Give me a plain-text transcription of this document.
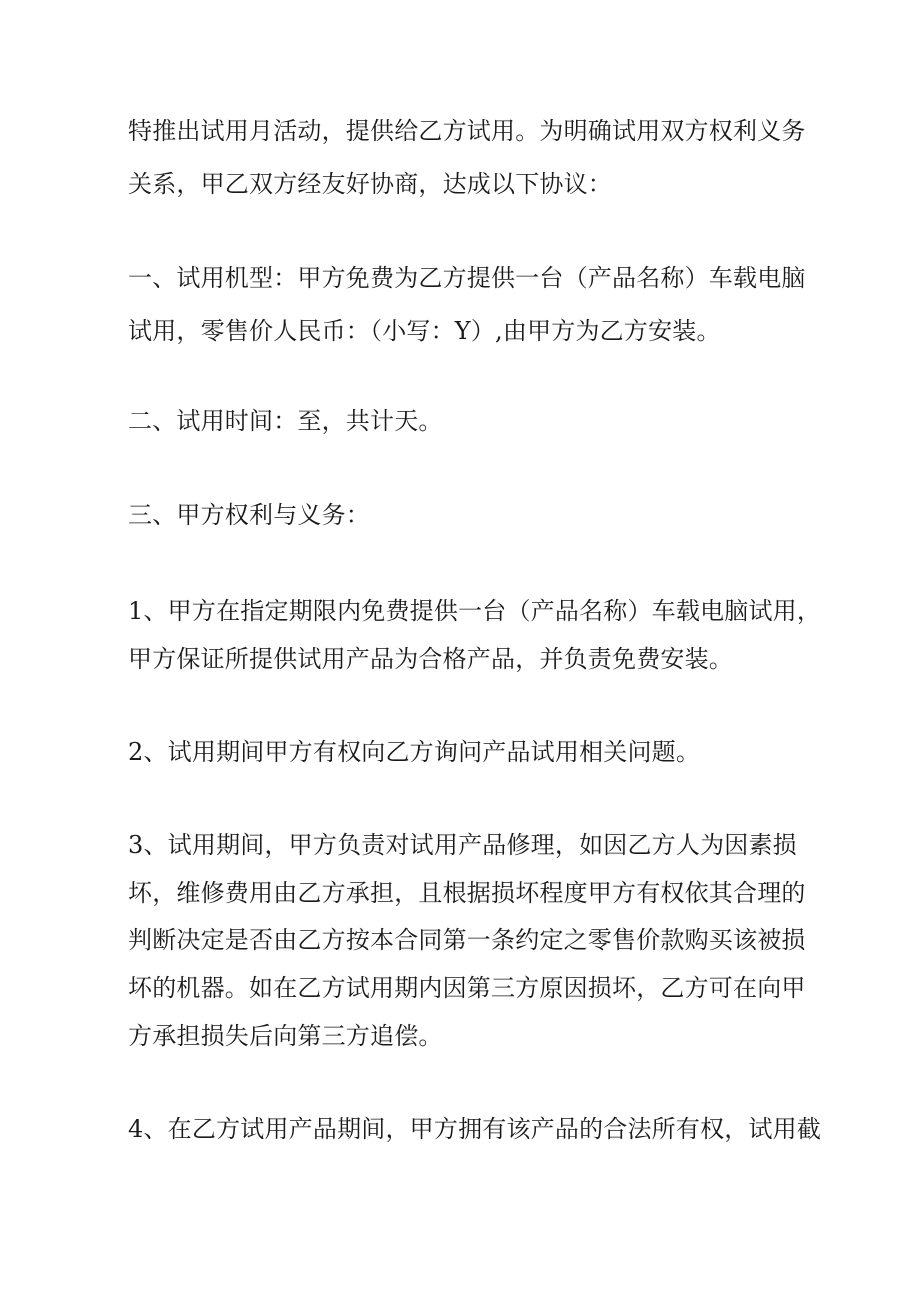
特推出试用月活动，提供给乙方试用。为明确试用双方权利义务
关系，甲乙双方经友好协商，达成以下协议：
一、试用机型：甲方免费为乙方提供一台（产品名称）车载电脑
试用，零售价人民币：（小写：Y）,由甲方为乙方安装。
二、试用时间：至，共计天。
三、甲方权利与义务：
1、甲方在指定期限内免费提供一台（产品名称）车载电脑试用，
甲方保证所提供试用产品为合格产品，并负责免费安装。
2、试用期间甲方有权向乙方询问产品试用相关问题。
3、试用期间，甲方负责对试用产品修理，如因乙方人为因素损
坏，维修费用由乙方承担，且根据损坏程度甲方有权依其合理的
判断决定是否由乙方按本合同第一条约定之零售价款购买该被损
坏的机器。如在乙方试用期内因第三方原因损坏，乙方可在向甲
方承担损失后向第三方追偿。
4、在乙方试用产品期间，甲方拥有该产品的合法所有权，试用截
